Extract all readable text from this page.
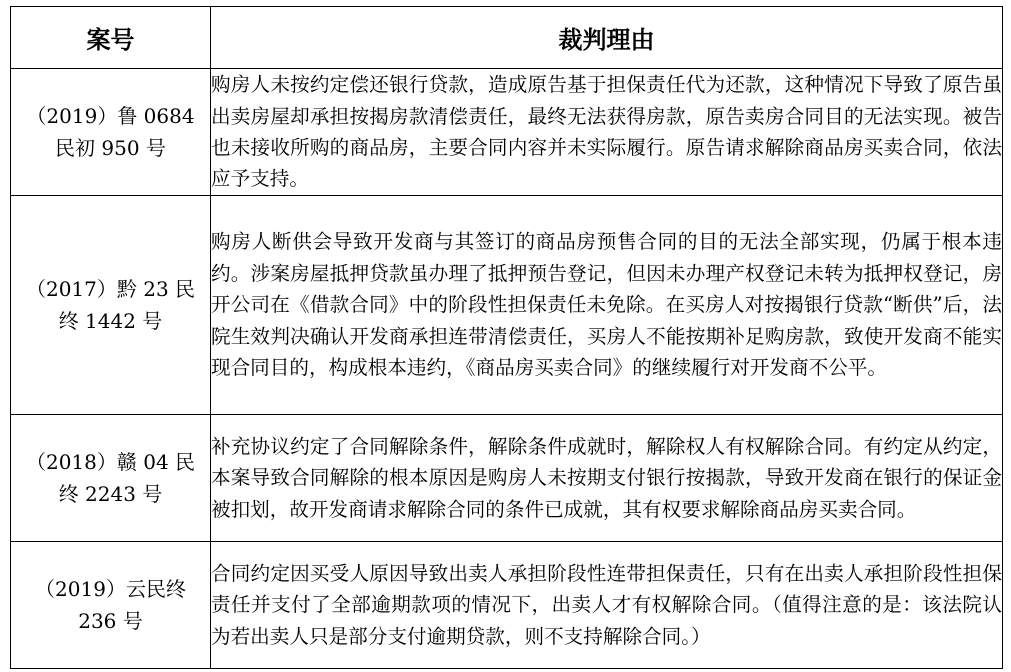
案号	裁判理由

（2019）鲁 0684
民初 950 号	购房人未按约定偿还银行贷款，造成原告基于担保责任代为还款，这种情况下导致了原告虽出卖房屋却承担按揭房款清偿责任，最终无法获得房款，原告卖房合同目的无法实现。被告也未接收所购的商品房，主要合同内容并未实际履行。原告请求解除商品房买卖合同，依法应予支持。

（2017）黔 23 民
终 1442 号	购房人断供会导致开发商与其签订的商品房预售合同的目的无法全部实现，仍属于根本违约。涉案房屋抵押贷款虽办理了抵押预告登记，但因未办理产权登记未转为抵押权登记，房开公司在《借款合同》中的阶段性担保责任未免除。在买房人对按揭银行贷款“断供”后，法院生效判决确认开发商承担连带清偿责任，买房人不能按期补足购房款，致使开发商不能实现合同目的，构成根本违约，《商品房买卖合同》的继续履行对开发商不公平。

（2018）赣 04 民
终 2243 号	补充协议约定了合同解除条件，解除条件成就时，解除权人有权解除合同。有约定从约定，本案导致合同解除的根本原因是购房人未按期支付银行按揭款，导致开发商在银行的保证金被扣划，故开发商请求解除合同的条件已成就，其有权要求解除商品房买卖合同。

（2019）云民终
236 号	合同约定因买受人原因导致出卖人承担阶段性连带担保责任，只有在出卖人承担阶段性担保责任并支付了全部逾期款项的情况下，出卖人才有权解除合同。（值得注意的是：该法院认为若出卖人只是部分支付逾期贷款，则不支持解除合同。）
